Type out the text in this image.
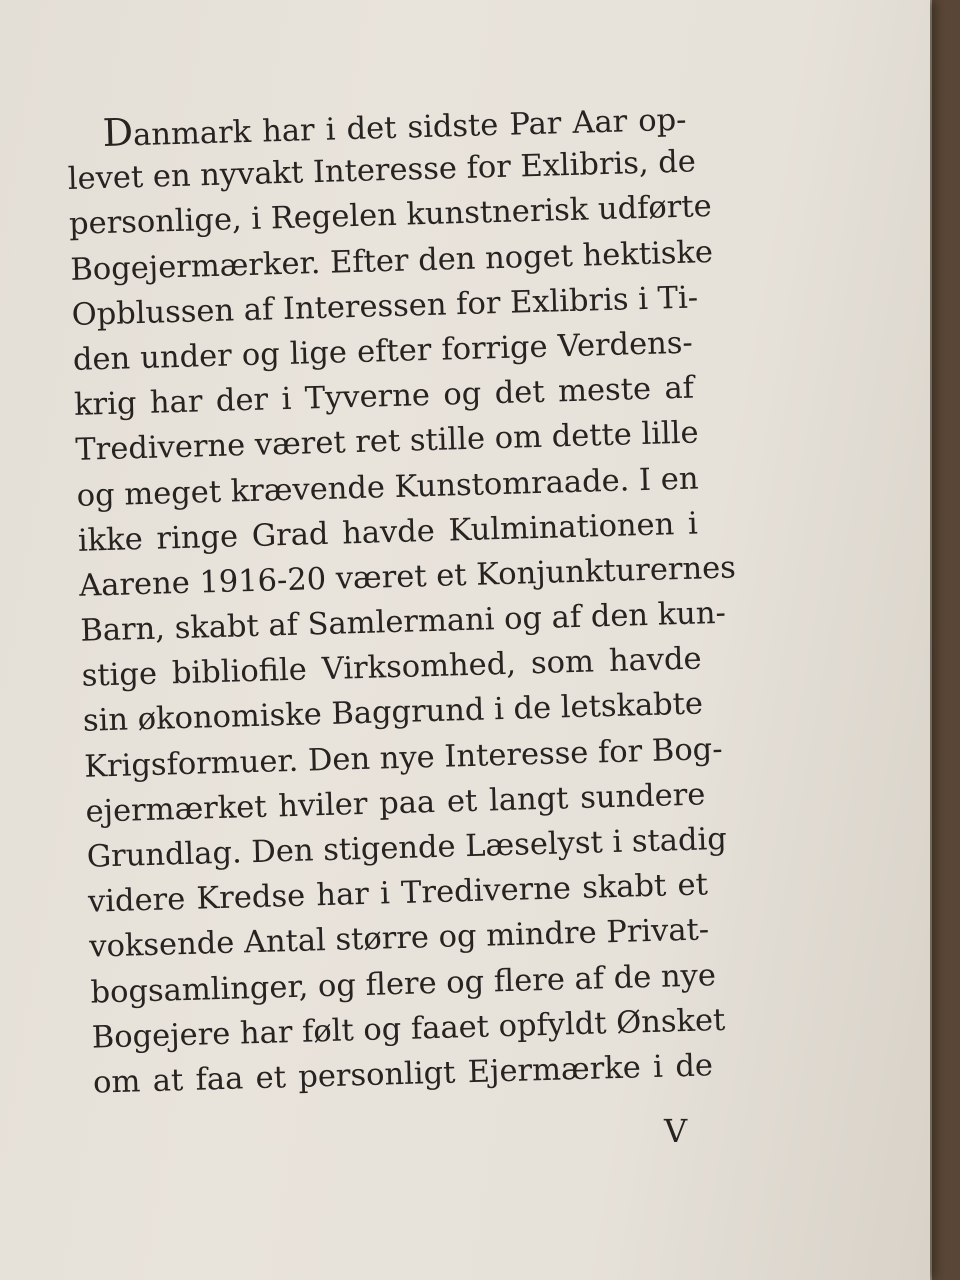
Danmark har i det sidste Par Aar op-
levet en nyvakt Interesse for Exlibris, de
personlige, i Regelen kunstnerisk udførte
Bogejermærker. Efter den noget hektiske
Opblussen af Interessen for Exlibris i Ti-
den under og lige efter forrige Verdens-
krig har der i Tyverne og det meste af
Trediverne været ret stille om dette lille
og meget krævende Kunstomraade. I en
ikke ringe Grad havde Kulminationen i
Aarene 1916-20 været et Konjunkturernes
Barn, skabt af Samlermani og af den kun-
stige bibliofile Virksomhed, som havde
sin økonomiske Baggrund i de letskabte
Krigsformuer. Den nye Interesse for Bog-
ejermærket hviler paa et langt sundere
Grundlag. Den stigende Læselyst i stadig
videre Kredse har i Trediverne skabt et
voksende Antal større og mindre Privat-
bogsamlinger, og flere og flere af de nye
Bogejere har følt og faaet opfyldt Ønsket
om at faa et personligt Ejermærke i de
V
